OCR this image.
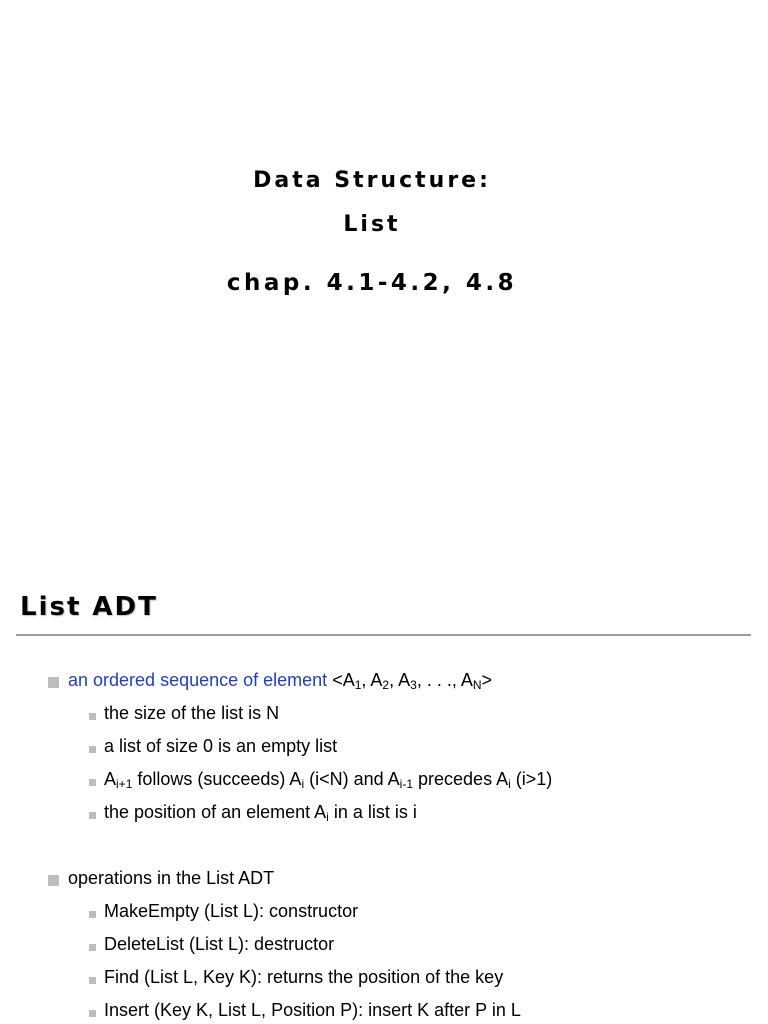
Data Structure:
List
chap. 4.1-4.2, 4.8
List ADT
an ordered sequence of element $<A_1$, $A_2$, $A_3$, . . ., $A_N>$
the size of the list is N
a list of size 0 is an empty list
$A_{i+1}$ follows (succeeds) $A_i$ (i<N) and $A_{i-1}$ precedes $A_i$ (i>1)
the position of an element $A_i$ in a list is i
operations in the List ADT
MakeEmpty (List L): constructor
DeleteList (List L): destructor
Find (List L, Key K): returns the position of the key
Insert (Key K, List L, Position P): insert K after P in L
